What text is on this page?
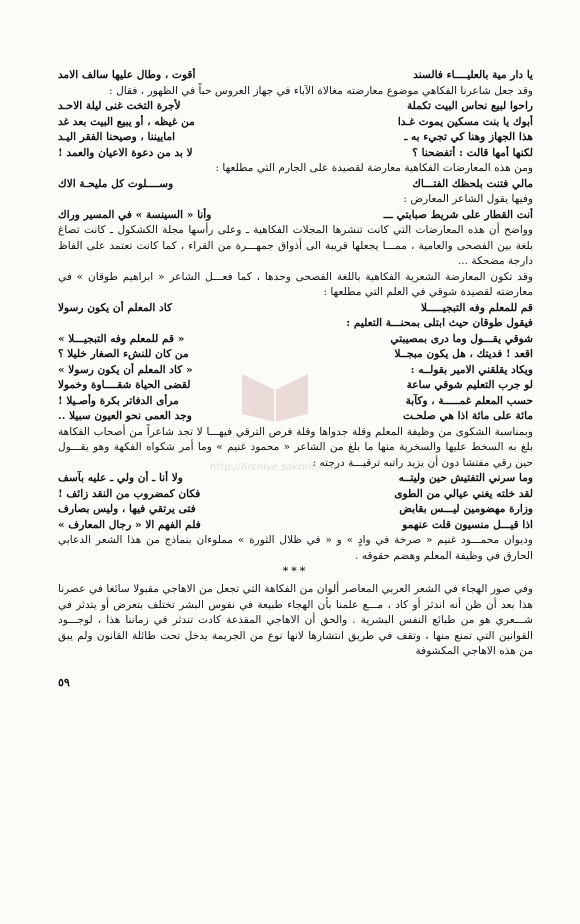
يا دار مية بالعليــــاء فالسند
أقوت ، وطال عليها سالف الامد
وقد جعل شاعرنا الفكاهي موضوع معارضته مغالاة الآباء في جهاز العروس حباً في الظهور ، فقال :
راحوا لبيع نحاس البيت تكملة
لأجرة التخت غنى ليلة الاحـد
أبوك يا بنت مسكين يموت غـدا
من غيظه ، أو يبيع البيت بعد غد
هذا الجهاز وهنا كي تجيء به ـ
اماييننا ، وصيحنا الفقر اليـد
لكنها أمها قالت : أتفضحنا ؟
لا بد من دعوة الاعيان والعمد !
ومن هذه المعارضات الفكاهية معارضة لقصيدة على الجارم التي مطلعها :
مالي فتنت بلحظك الفتـــاك
وســــلوت كل مليحـة الاك
وفيها يقول الشاعر المعارض :
أنت القطار على شريط صبابتي ـــ
وأنا « السينسة » في المسير وراك
وواضح أن هذه المعارضات التي كانت تنشرها المجلات الفكاهية ـ وعلى رأسها مجلة الكشكول ـ كانت تصاغ بلغة بين الفصحى والعامية ، ممـــا يجعلها قريبة الى أذواق جمهـــرة من القراء ، كما كانت تعتمد على الفاظ دارجة مضحكة ...
وقد تكون المعارضة الشعرية الفكاهية باللغة الفصحى وحدها ، كما فعـــل الشاعر « ابراهيم طوقان » في معارضته لقصيدة شوقي في العلم التي مطلعها :
قم للمعلم وفه التبجيـــــلا
كاد المعلم أن يكون رسولا
فيقول طوقان حيث ابتلى بمحنـــة التعليم :
شوقي يقـــول وما درى بمصيبتي
« قم للمعلم وفه التبجيـــلا »
اقعد ! فديتك ، هل يكون مبجــلا
من كان للنشء الصغار خليلا ؟
ويكاد يقلقني الامير بقولــه :
« كاد المعلم أن يكون رسولا »
لو جرب التعليم شوقي ساعة
لقضى الحياة شقــــاوة وخمولا
حسب المعلم غمـــــة ، وكآبة
مرأى الدفاتر بكرة وأصـيلا !
مائة على مائة اذا هي صلحـت
وجد العمى نحو العيون سبيلا ..
وبمناسبة الشكوى من وظيفة المعلم وقلة جدواها وقلة فرص الترقي فيهـــا لا تجد شاعراً من أصحاب الفكاهة بلغ به السخط عليها والسخرية منها ما بلغ من الشاعر « محمود غنيم » وما أمر شكواه الفكهة وهو يقـــول حين رقي مفتشا دون أن يزيد راتبه ترقيـــة درجته :
وما سرني التفتيش حين وليتــه
ولا أنا ـ أن ولي ـ عليه بآسف
لقد خلته يغني عيالي من الطوى
فكان كمضروب من النقد زائف !
وزارة مهضومين ليـــس بقابض
فتى يرتقي فيها ، وليس بصارف
اذا قيـــل منسيون قلت عنهمو
فلم الفهم الا « رجال المعارف »
وديوان محمـــود غنيم « صرخة في وادٍ » و « في ظلال الثورة » مملوءان بنماذج من هذا الشعر الدعابي الحارق في وظيفة المعلم وهضم حقوقه .
***
وفي صور الهجاء في الشعر العربي المعاصر ألوان من الفكاهة التي تجعل من الاهاجي مقبولا سائغا في عصرنا هذا بعد أن ظن أنه اندثر أو كاد ، مـــع علمنا بأن الهجاء طبيعة في نفوس البشر تختلف بتعرض أو يتدثر في شـــعري هو من طبائع النفس البشرية . والحق أن الاهاجي المقذعة كادت تندثر في زماننا هذا ، لوجـــود القوانين التي تمنع منها ، وتقف في طريق انتشارها لانها نوع من الجريمة يدخل تحت طائلة القانون ولم يبق من هذه الاهاجي المكشوفة
http://Archive.sakhrit.com
٥٩
